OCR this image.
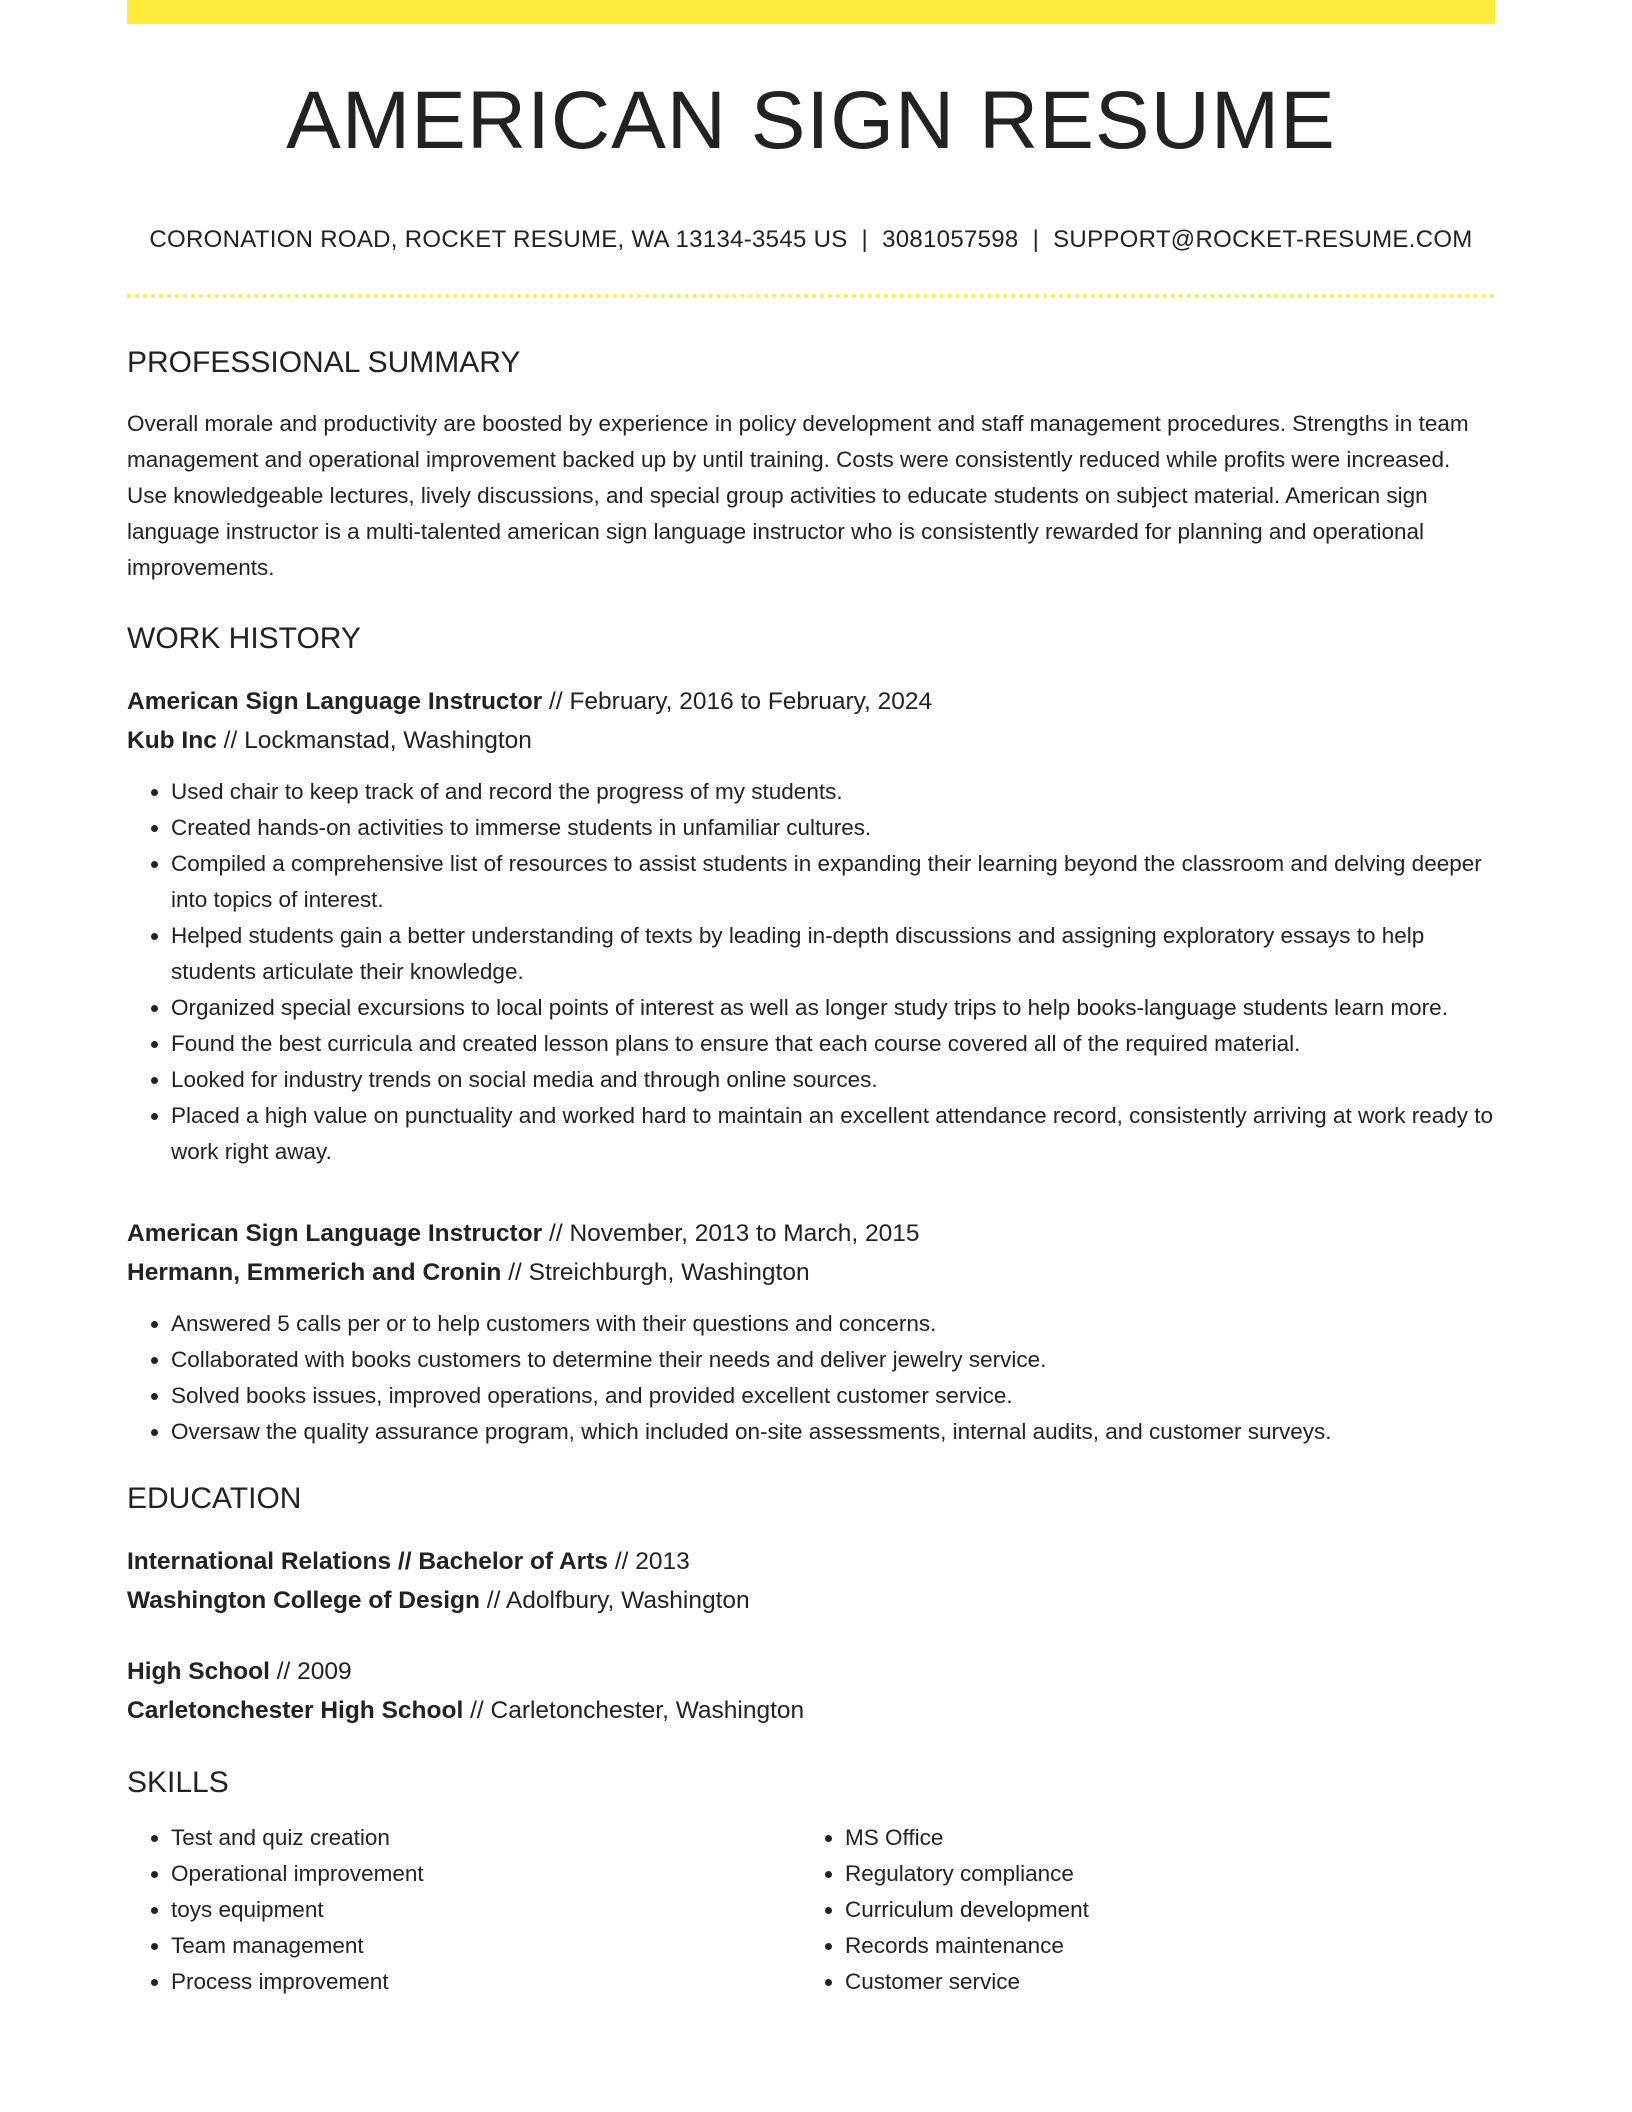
AMERICAN SIGN RESUME
CORONATION ROAD, ROCKET RESUME, WA 13134-3545 US | 3081057598 | SUPPORT@ROCKET-RESUME.COM
PROFESSIONAL SUMMARY
Overall morale and productivity are boosted by experience in policy development and staff management procedures. Strengths in team management and operational improvement backed up by until training. Costs were consistently reduced while profits were increased. Use knowledgeable lectures, lively discussions, and special group activities to educate students on subject material. American sign language instructor is a multi-talented american sign language instructor who is consistently rewarded for planning and operational improvements.
WORK HISTORY
American Sign Language Instructor // February, 2016 to February, 2024
Kub Inc // Lockmanstad, Washington
• Used chair to keep track of and record the progress of my students.
• Created hands-on activities to immerse students in unfamiliar cultures.
• Compiled a comprehensive list of resources to assist students in expanding their learning beyond the classroom and delving deeper into topics of interest.
• Helped students gain a better understanding of texts by leading in-depth discussions and assigning exploratory essays to help students articulate their knowledge.
• Organized special excursions to local points of interest as well as longer study trips to help books-language students learn more.
• Found the best curricula and created lesson plans to ensure that each course covered all of the required material.
• Looked for industry trends on social media and through online sources.
• Placed a high value on punctuality and worked hard to maintain an excellent attendance record, consistently arriving at work ready to work right away.
American Sign Language Instructor // November, 2013 to March, 2015
Hermann, Emmerich and Cronin // Streichburgh, Washington
• Answered 5 calls per or to help customers with their questions and concerns.
• Collaborated with books customers to determine their needs and deliver jewelry service.
• Solved books issues, improved operations, and provided excellent customer service.
• Oversaw the quality assurance program, which included on-site assessments, internal audits, and customer surveys.
EDUCATION
International Relations // Bachelor of Arts // 2013
Washington College of Design // Adolfbury, Washington
High School // 2009
Carletonchester High School // Carletonchester, Washington
SKILLS
• Test and quiz creation
• Operational improvement
• toys equipment
• Team management
• Process improvement
• MS Office
• Regulatory compliance
• Curriculum development
• Records maintenance
• Customer service
